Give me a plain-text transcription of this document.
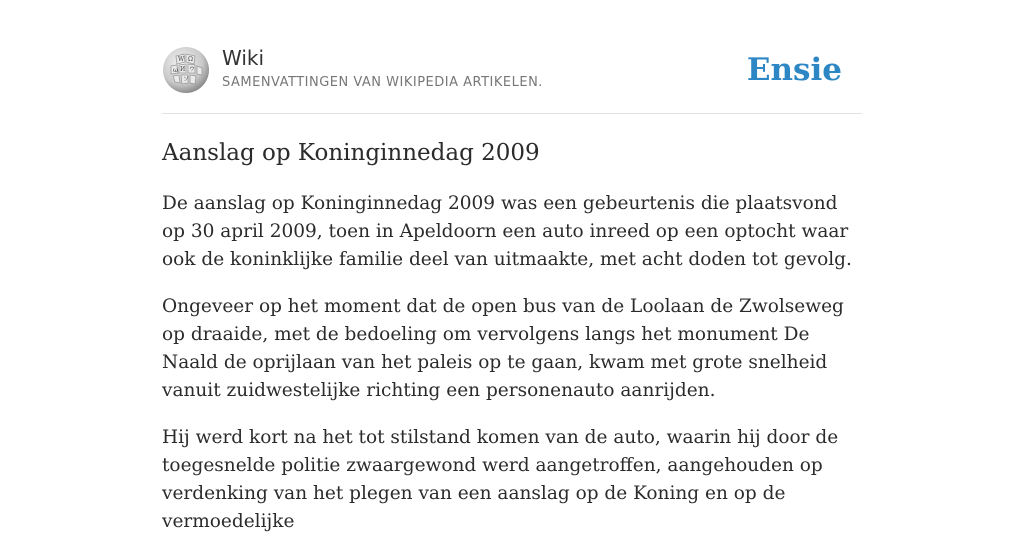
W Ω
И ウ
ω
ソ
Wiki
SAMENVATTINGEN VAN WIKIPEDIA ARTIKELEN.	Ensie
Aanslag op Koninginnedag 2009

De aanslag op Koninginnedag 2009 was een gebeurtenis die plaatsvond op 30 april 2009, toen in Apeldoorn een auto inreed op een optocht waar ook de koninklijke familie deel van uitmaakte, met acht doden tot gevolg.

Ongeveer op het moment dat de open bus van de Loolaan de Zwolseweg op draaide, met de bedoeling om vervolgens langs het monument De Naald de oprijlaan van het paleis op te gaan, kwam met grote snelheid vanuit zuidwestelijke richting een personenauto aanrijden.

Hij werd kort na het tot stilstand komen van de auto, waarin hij door de toegesnelde politie zwaargewond werd aangetroffen, aangehouden op verdenking van het plegen van een aanslag op de Koning en op de vermoedelijke
